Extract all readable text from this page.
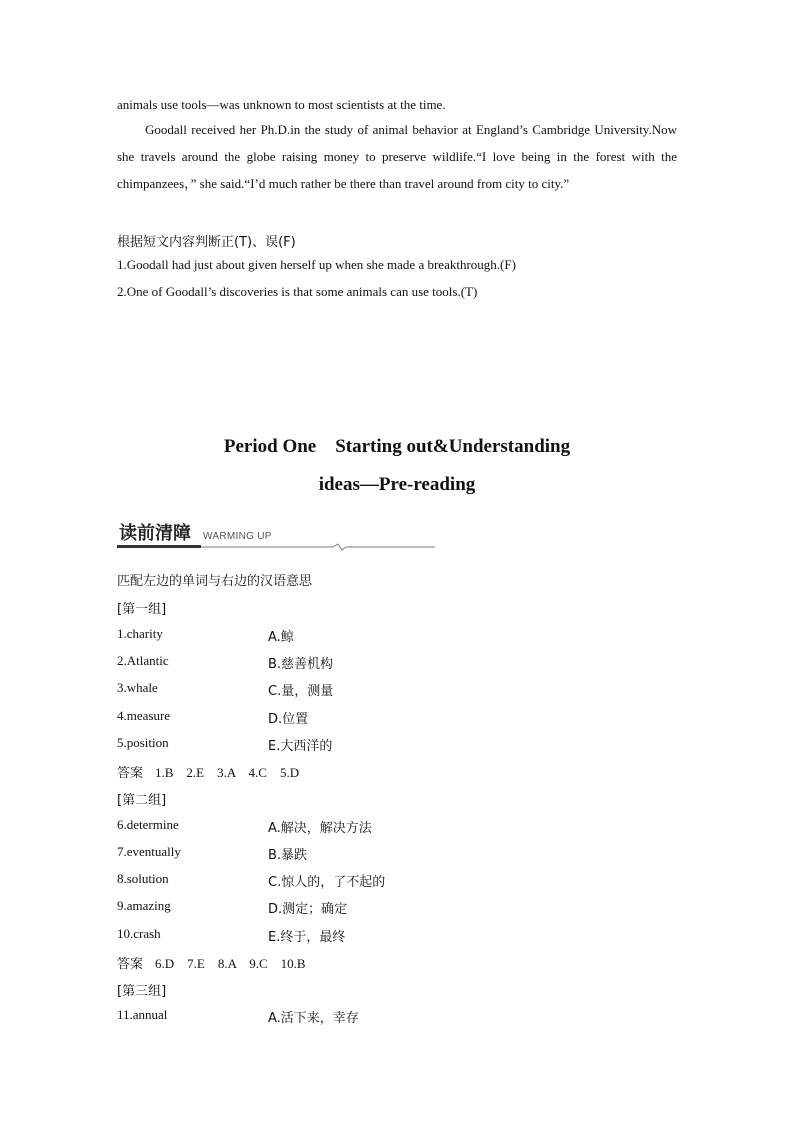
animals use tools—was unknown to most scientists at the time.

Goodall received her Ph.D.in the study of animal behavior at England’s Cambridge University.Now she travels around the globe raising money to preserve wildlife.“I love being in the forest with the chimpanzees，” she said.“I’d much rather be there than travel around from city to city.”

根据短文内容判断正(T)、误(F)
1.Goodall had just about given herself up when she made a breakthrough.(F)
2.One of Goodall’s discoveries is that some animals can use tools.(T)
Period One　Starting out&Understanding
ideas—Pre-reading
读前清障 WARMING UP
匹配左边的单词与右边的汉语意思
[第一组]
1.charity	A.鲸
2.Atlantic	B.慈善机构
3.whale	C.量，测量
4.measure	D.位置
5.position	E.大西洋的
答案 1.B　2.E　3.A　4.C　5.D
[第二组]
6.determine	A.解决，解决方法
7.eventually	B.暴跌
8.solution	C.惊人的，了不起的
9.amazing	D.测定；确定
10.crash	E.终于，最终
答案 6.D　7.E　8.A　9.C　10.B
[第三组]
11.annual	A.活下来，幸存
